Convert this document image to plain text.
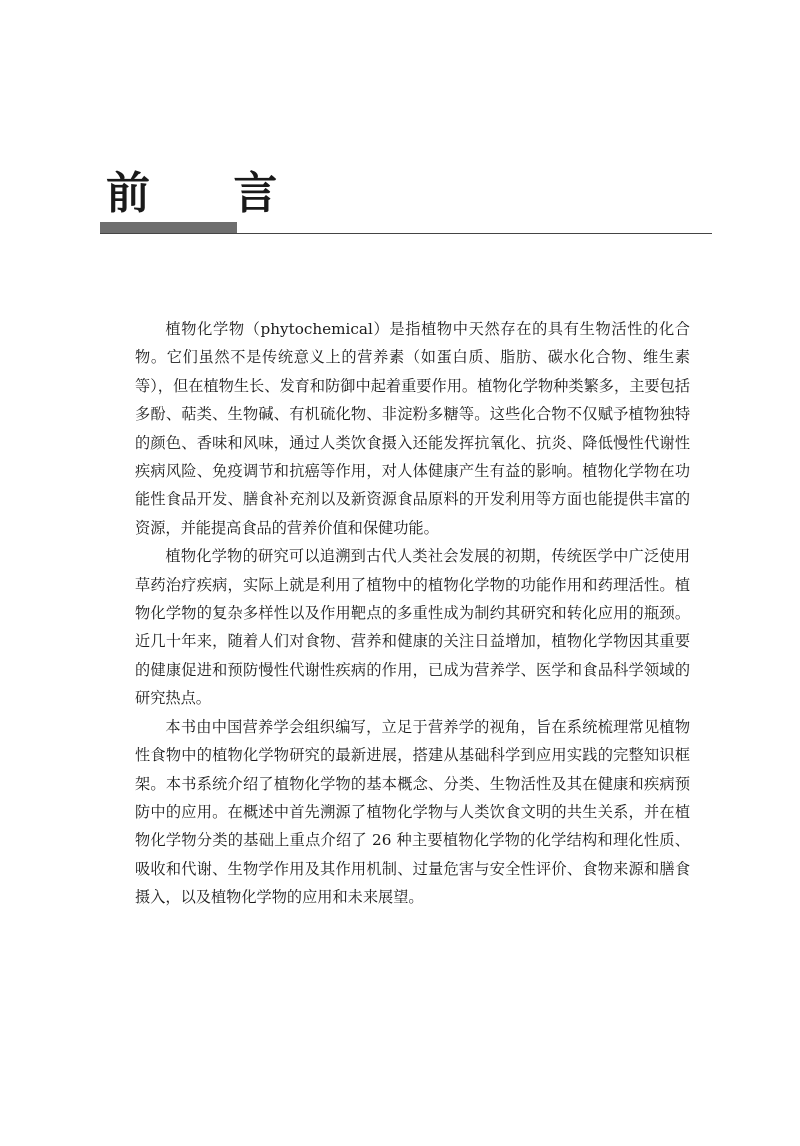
前 言

植物化学物（phytochemical）是指植物中天然存在的具有生物活性的化合物。它们虽然不是传统意义上的营养素（如蛋白质、脂肪、碳水化合物、维生素等），但在植物生长、发育和防御中起着重要作用。植物化学物种类繁多，主要包括多酚、萜类、生物碱、有机硫化物、非淀粉多糖等。这些化合物不仅赋予植物独特的颜色、香味和风味，通过人类饮食摄入还能发挥抗氧化、抗炎、降低慢性代谢性疾病风险、免疫调节和抗癌等作用，对人体健康产生有益的影响。植物化学物在功能性食品开发、膳食补充剂以及新资源食品原料的开发利用等方面也能提供丰富的资源，并能提高食品的营养价值和保健功能。

植物化学物的研究可以追溯到古代人类社会发展的初期，传统医学中广泛使用草药治疗疾病，实际上就是利用了植物中的植物化学物的功能作用和药理活性。植物化学物的复杂多样性以及作用靶点的多重性成为制约其研究和转化应用的瓶颈。近几十年来，随着人们对食物、营养和健康的关注日益增加，植物化学物因其重要的健康促进和预防慢性代谢性疾病的作用，已成为营养学、医学和食品科学领域的研究热点。

本书由中国营养学会组织编写，立足于营养学的视角，旨在系统梳理常见植物性食物中的植物化学物研究的最新进展，搭建从基础科学到应用实践的完整知识框架。本书系统介绍了植物化学物的基本概念、分类、生物活性及其在健康和疾病预防中的应用。在概述中首先溯源了植物化学物与人类饮食文明的共生关系，并在植物化学物分类的基础上重点介绍了 26 种主要植物化学物的化学结构和理化性质、吸收和代谢、生物学作用及其作用机制、过量危害与安全性评价、食物来源和膳食摄入，以及植物化学物的应用和未来展望。
